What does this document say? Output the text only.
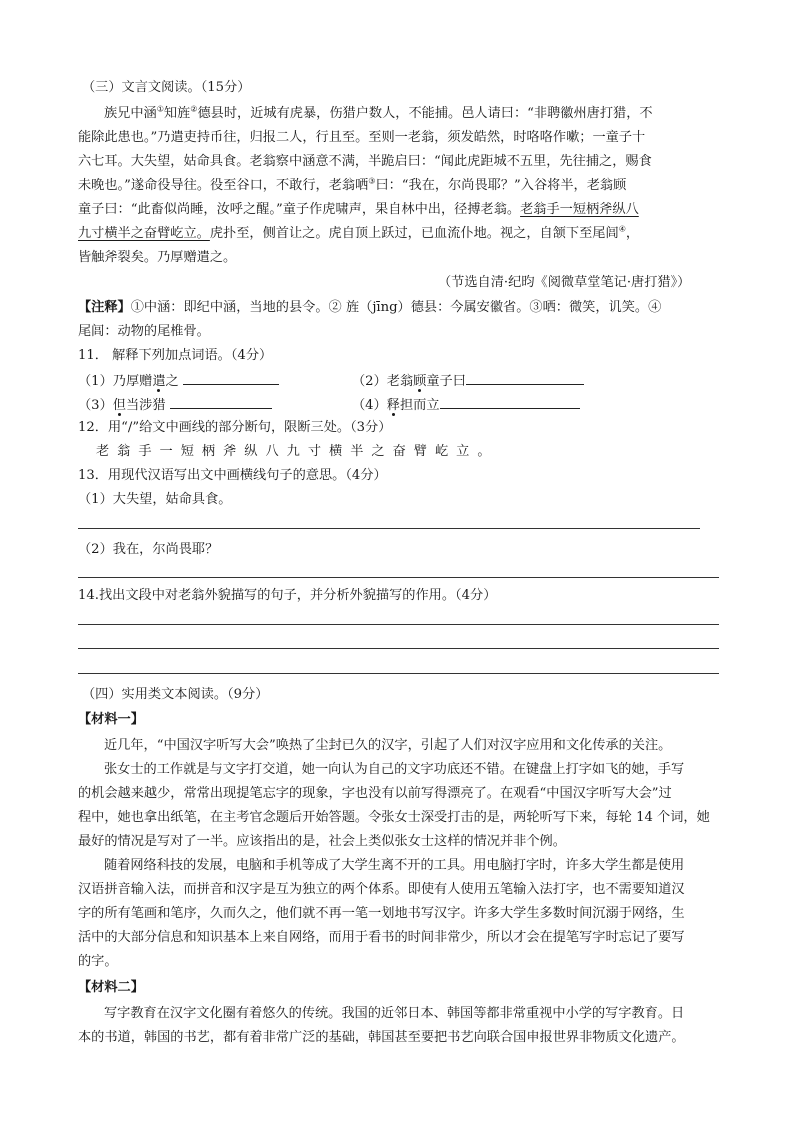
（三）文言文阅读。（15分）
族兄中涵①知旌②德县时，近城有虎暴，伤猎户数人，不能捕。邑人请曰：“非聘徽州唐打猎，不
能除此患也。”乃遣吏持币往，归报二人，行且至。至则一老翁，须发皓然，时咯咯作嗽；一童子十
六七耳。大失望，姑命具食。老翁察中涵意不满，半跪启曰：“闻此虎距城不五里，先往捕之，赐食
未晚也。”遂命役导往。役至谷口，不敢行，老翁哂③曰：“我在，尔尚畏耶？”入谷将半，老翁顾
童子曰：“此畜似尚睡，汝呼之醒。”童子作虎啸声，果自林中出，径搏老翁。老翁手一短柄斧纵八
九寸横半之奋臂屹立。虎扑至，侧首让之。虎自顶上跃过，已血流仆地。视之，自颔下至尾闾④，
皆触斧裂矣。乃厚赠遣之。
（节选自清·纪昀《阅微草堂笔记·唐打猎》）
【注释】①中涵：即纪中涵，当地的县令。② 旌（jīng）德县：今属安徽省。③哂：微笑，讥笑。④
尾闾：动物的尾椎骨。
11． 解释下列加点词语。（4分）
（1）乃厚赠遣之	（2）老翁顾童子曰
（3）但当涉猎	（4）释担而立
12．用“/”给文中画线的部分断句，限断三处。（3分）
老翁手一短柄斧纵八九寸横半之奋臂屹立。
13．用现代汉语写出文中画横线句子的意思。（4分）
（1）大失望，姑命具食。
（2）我在，尔尚畏耶？
14.找出文段中对老翁外貌描写的句子，并分析外貌描写的作用。（4分）
（四）实用类文本阅读。（9分）
【材料一】
近几年，“中国汉字听写大会”唤热了尘封已久的汉字，引起了人们对汉字应用和文化传承的关注。
张女士的工作就是与文字打交道，她一向认为自己的文字功底还不错。在键盘上打字如飞的她，手写
的机会越来越少，常常出现提笔忘字的现象，字也没有以前写得漂亮了。在观看“中国汉字听写大会”过
程中，她也拿出纸笔，在主考官念题后开始答题。令张女士深受打击的是，两轮听写下来，每轮 14 个词，她
最好的情况是写对了一半。应该指出的是，社会上类似张女士这样的情况并非个例。
随着网络科技的发展，电脑和手机等成了大学生离不开的工具。用电脑打字时，许多大学生都是使用
汉语拼音输入法，而拼音和汉字是互为独立的两个体系。即使有人使用五笔输入法打字，也不需要知道汉
字的所有笔画和笔序，久而久之，他们就不再一笔一划地书写汉字。许多大学生多数时间沉溺于网络，生
活中的大部分信息和知识基本上来自网络，而用于看书的时间非常少，所以才会在提笔写字时忘记了要写
的字。
【材料二】
写字教育在汉字文化圈有着悠久的传统。我国的近邻日本、韩国等都非常重视中小学的写字教育。日
本的书道，韩国的书艺，都有着非常广泛的基础，韩国甚至要把书艺向联合国申报世界非物质文化遗产。
